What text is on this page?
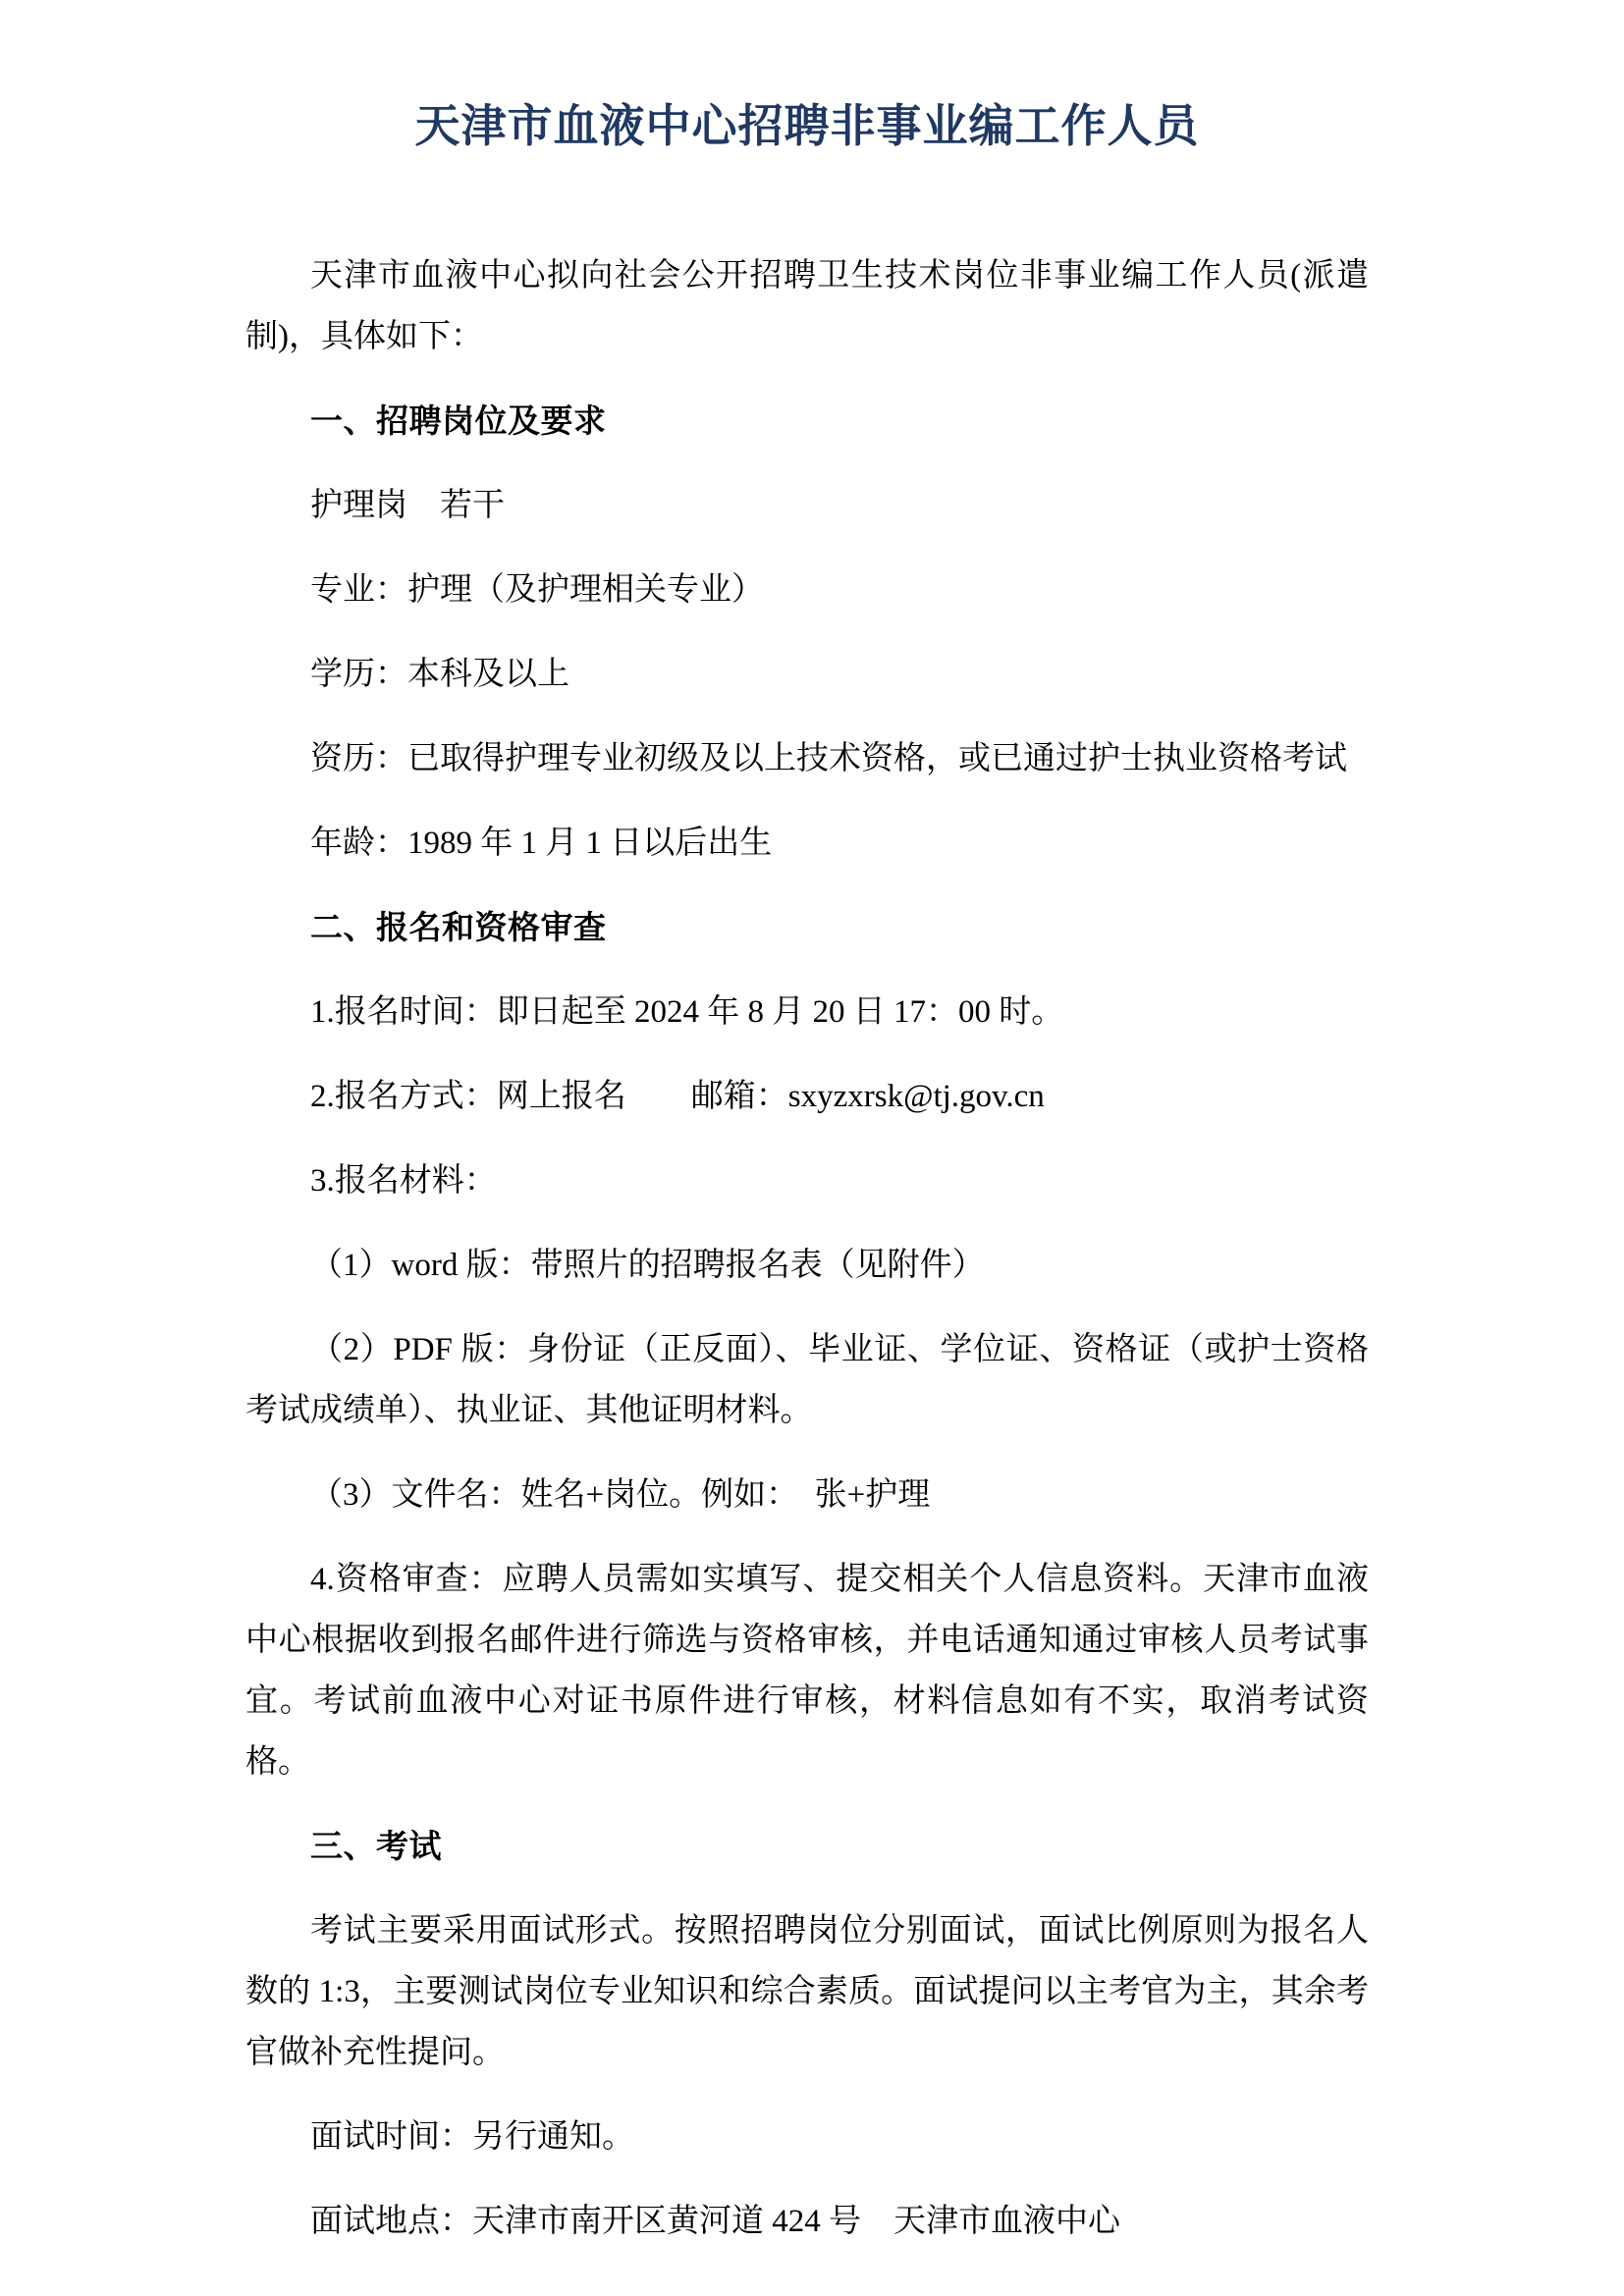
天津市血液中心招聘非事业编工作人员

天津市血液中心拟向社会公开招聘卫生技术岗位非事业编工作人员(派遣制)，具体如下：

一、招聘岗位及要求

护理岗　若干

专业：护理（及护理相关专业）

学历：本科及以上

资历：已取得护理专业初级及以上技术资格，或已通过护士执业资格考试

年龄：1989 年 1 月 1 日以后出生

二、报名和资格审查

1.报名时间：即日起至 2024 年 8 月 20 日 17：00 时。

2.报名方式：网上报名　　邮箱：sxyzxrsk@tj.gov.cn

3.报名材料：

（1）word 版：带照片的招聘报名表（见附件）

（2）PDF 版：身份证（正反面）、毕业证、学位证、资格证（或护士资格考试成绩单）、执业证、其他证明材料。

（3）文件名：姓名+岗位。例如：　张+护理

4.资格审查：应聘人员需如实填写、提交相关个人信息资料。天津市血液中心根据收到报名邮件进行筛选与资格审核，并电话通知通过审核人员考试事宜。考试前血液中心对证书原件进行审核，材料信息如有不实，取消考试资格。

三、考试

考试主要采用面试形式。按照招聘岗位分别面试，面试比例原则为报名人数的 1:3，主要测试岗位专业知识和综合素质。面试提问以主考官为主，其余考官做补充性提问。

面试时间：另行通知。

面试地点：天津市南开区黄河道 424 号　天津市血液中心
